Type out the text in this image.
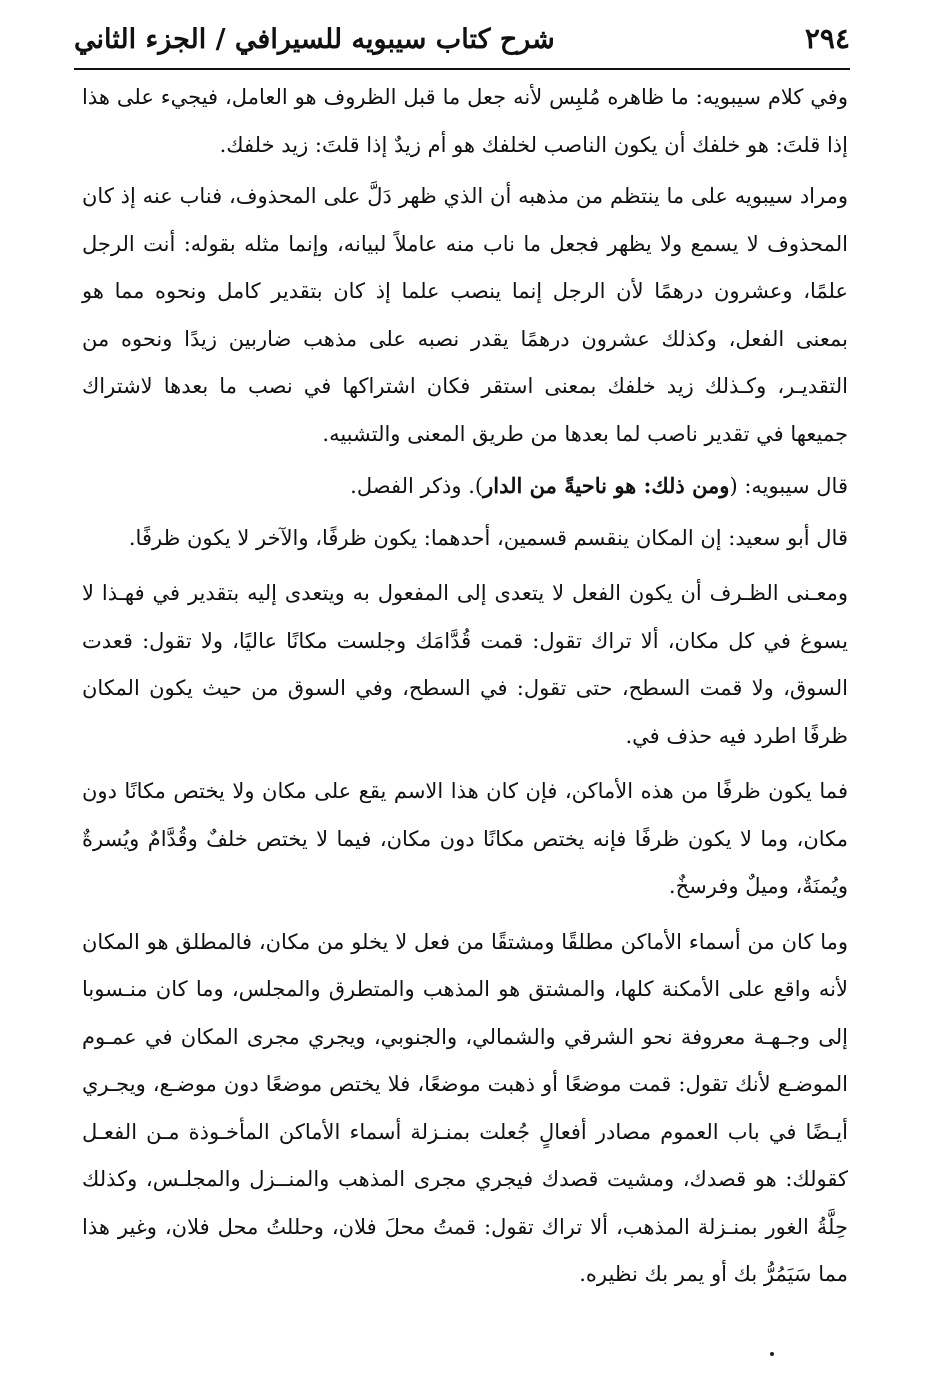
شرح كتاب سيبويه للسيرافي / الجزء الثاني	٢٩٤

وفي كلام سيبويه: ما ظاهره مُلبِس لأنه جعل ما قبل الظروف هو العامل، فيجيء على هذا إذا قلتَ: هو خلفك أن يكون الناصب لخلفك هو أم زيدٌ إذا قلتَ: زيد خلفك.

ومراد سيبويه على ما ينتظم من مذهبه أن الذي ظهر دَلَّ على المحذوف، فناب عنه إذ كان المحذوف لا يسمع ولا يظهر فجعل ما ناب منه عاملاً لبيانه، وإنما مثله بقوله: أنت الرجل علمًا، وعشرون درهمًا لأن الرجل إنما ينصب علما إذ كان بتقدير كامل ونحوه مما هو بمعنى الفعل، وكذلك عشرون درهمًا يقدر نصبه على مذهب ضاربين زيدًا ونحوه من التقديـر، وكـذلك زيد خلفك بمعنى استقر فكان اشتراكها في نصب ما بعدها لاشتراك جميعها في تقدير ناصب لما بعدها من طريق المعنى والتشبيه.

قال سيبويه: (ومن ذلك: هو ناحيةً من الدار). وذكر الفصل.

قال أبو سعيد: إن المكان ينقسم قسمين، أحدهما: يكون ظرفًا، والآخر لا يكون ظرفًا.

ومعـنى الظـرف أن يكون الفعل لا يتعدى إلى المفعول به ويتعدى إليه بتقدير في فهـذا لا يسوغ في كل مكان، ألا تراك تقول: قمت قُدَّامَك وجلست مكانًا عاليًا، ولا تقول: قعدت السوق، ولا قمت السطح، حتى تقول: في السطح، وفي السوق من حيث يكون المكان ظرفًا اطرد فيه حذف في.

فما يكون ظرفًا من هذه الأماكن، فإن كان هذا الاسم يقع على مكان ولا يختص مكانًا دون مكان، وما لا يكون ظرفًا فإنه يختص مكانًا دون مكان، فيما لا يختص خلفٌ وقُدَّامٌ ويُسرةٌ ويُمنَةٌ، وميلٌ وفرسخٌ.

وما كان من أسماء الأماكن مطلقًا ومشتقًا من فعل لا يخلو من مكان، فالمطلق هو المكان لأنه واقع على الأمكنة كلها، والمشتق هو المذهب والمتطرق والمجلس، وما كان منـسوبا إلى وجـهـة معروفة نحو الشرقي والشمالي، والجنوبي، ويجري مجرى المكان في عمـوم الموضـع لأنك تقول: قمت موضعًا أو ذهبت موضعًا، فلا يختص موضعًا دون موضـع، ويجـري أيـضًا في باب العموم مصادر أفعالٍ جُعلت بمنـزلة أسماء الأماكن المأخـوذة مـن الفعـل كقولك: هو قصدك، ومشيت قصدك فيجري مجرى المذهب والمنــزل والمجلـس، وكذلك حِلَّةُ الغور بمنـزلة المذهب، ألا تراك تقول: قمتُ محلَ فلان، وحللتُ محل فلان، وغير هذا مما سَيَمُرُّ بك أو يمر بك نظيره.
